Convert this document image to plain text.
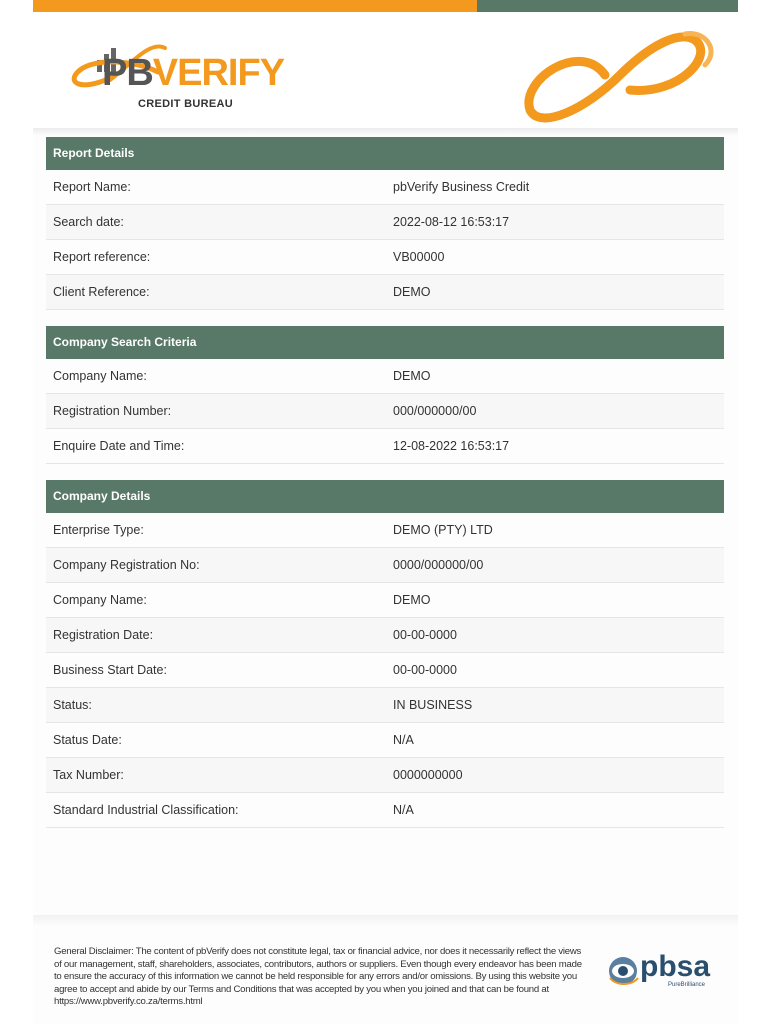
PBVERIFY
CREDIT BUREAU
Report Details
Report Name:	pbVerify Business Credit
Search date:	2022-08-12 16:53:17
Report reference:	VB00000
Client Reference:	DEMO
Company Search Criteria
Company Name:	DEMO
Registration Number:	000/000000/00
Enquire Date and Time:	12-08-2022 16:53:17
Company Details
Enterprise Type:	DEMO (PTY) LTD
Company Registration No:	0000/000000/00
Company Name:	DEMO
Registration Date:	00-00-0000
Business Start Date:	00-00-0000
Status:	IN BUSINESS
Status Date:	N/A
Tax Number:	0000000000
Standard Industrial Classification:	N/A
General Disclaimer: The content of pbVerify does not constitute legal, tax or financial advice, nor does it necessarily reflect the views of our management, staff, shareholders, associates, contributors, authors or suppliers. Even though every endeavor has been made to ensure the accuracy of this information we cannot be held responsible for any errors and/or omissions. By using this website you agree to accept and abide by our Terms and Conditions that was accepted by you when you joined and that can be found at https://www.pbverify.co.za/terms.html
pbsa
PureBrilliance
